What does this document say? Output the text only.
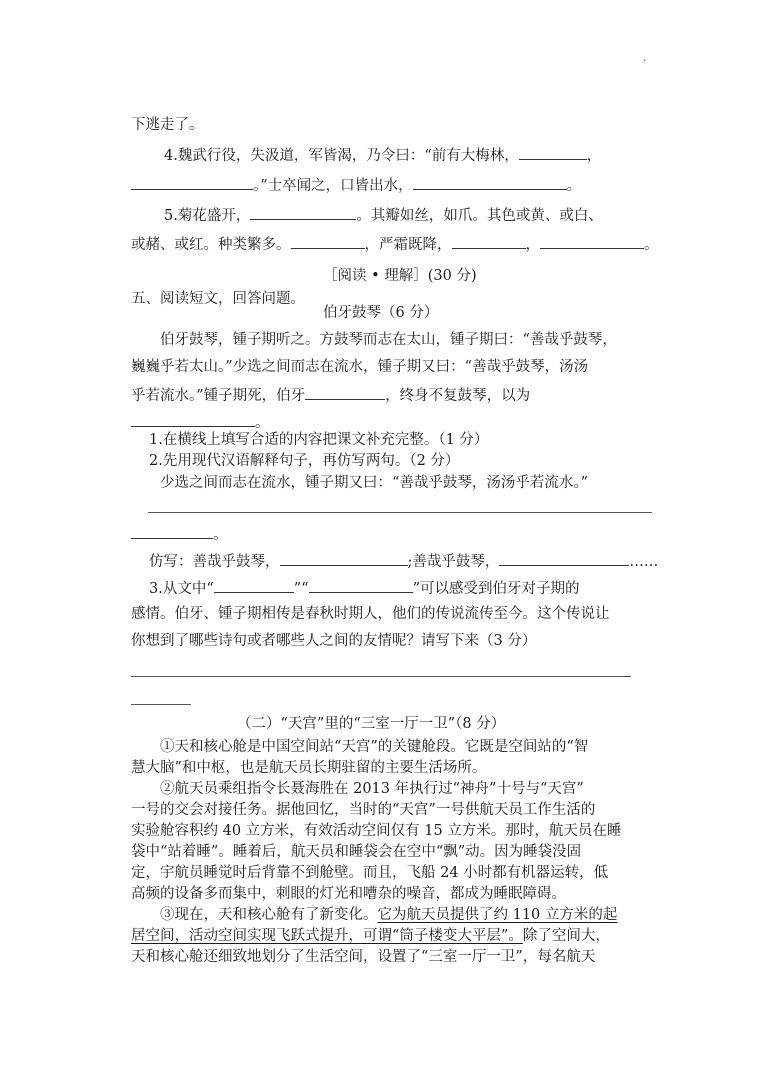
·
下逃走了。
4.魏武行役，失汲道，军皆渴，乃令曰：“前有大梅林，	，
。”士卒闻之，口皆出水，	。
5.菊花盛开，	。其瓣如丝，如爪。其色或黄、或白、
或赭、或红。种类繁多。	，严霜既降，	，	。
［阅读 • 理解］(30 分)
五、阅读短文，回答问题。
伯牙鼓琴（6 分）
伯牙鼓琴，锺子期听之。方鼓琴而志在太山，锺子期曰：“善哉乎鼓琴，
巍巍乎若太山。”少选之间而志在流水，锺子期又曰：“善哉乎鼓琴，汤汤
乎若流水。”锺子期死，伯牙	，终身不复鼓琴，以为
。
1.在横线上填写合适的内容把课文补充完整。（1 分）
2.先用现代汉语解释句子，再仿写两句。（2 分）
少选之间而志在流水，锺子期又曰：“善哉乎鼓琴，汤汤乎若流水。”
。
仿写：善哉乎鼓琴，	;善哉乎鼓琴，	……
3.从文中“	”“	”可以感受到伯牙对子期的
感情。伯牙、锺子期相传是春秋时期人，他们的传说流传至今。这个传说让
你想到了哪些诗句或者哪些人之间的友情呢？请写下来（3 分）
（二）“天宫”里的“三室一厅一卫”（8 分）
①天和核心舱是中国空间站“天宫”的关键舱段。它既是空间站的“智
慧大脑”和中枢，也是航天员长期驻留的主要生活场所。
②航天员乘组指令长聂海胜在 2013 年执行过“神舟”十号与“天宫”
一号的交会对接任务。据他回忆，当时的“天宫”一号供航天员工作生活的
实验舱容积约 40 立方米，有效活动空间仅有 15 立方米。那时，航天员在睡
袋中“站着睡”。睡着后，航天员和睡袋会在空中“飘”动。因为睡袋没固
定，宇航员睡觉时后背靠不到舱壁。而且，飞船 24 小时都有机器运转，低
高频的设备多而集中，刺眼的灯光和嘈杂的噪音，都成为睡眠障碍。
③现在，天和核心舱有了新变化。它为航天员提供了约 110 立方米的起
居空间，活动空间实现飞跃式提升，可谓“筒子楼变大平层”。除了空间大，
天和核心舱还细致地划分了生活空间，设置了“三室一厅一卫”，每名航天
